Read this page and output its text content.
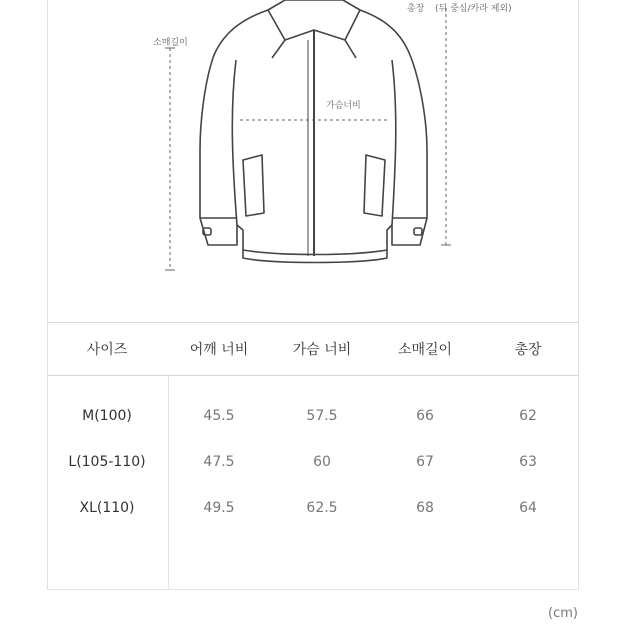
총장 (뒤 중심/카라 제외)
소매길이
가슴너비
사이즈	어깨 너비	가슴 너비	소매길이	총장
M(100)	45.5	57.5	66	62
L(105-110)	47.5	60	67	63
XL(110)	49.5	62.5	68	64
(cm)
